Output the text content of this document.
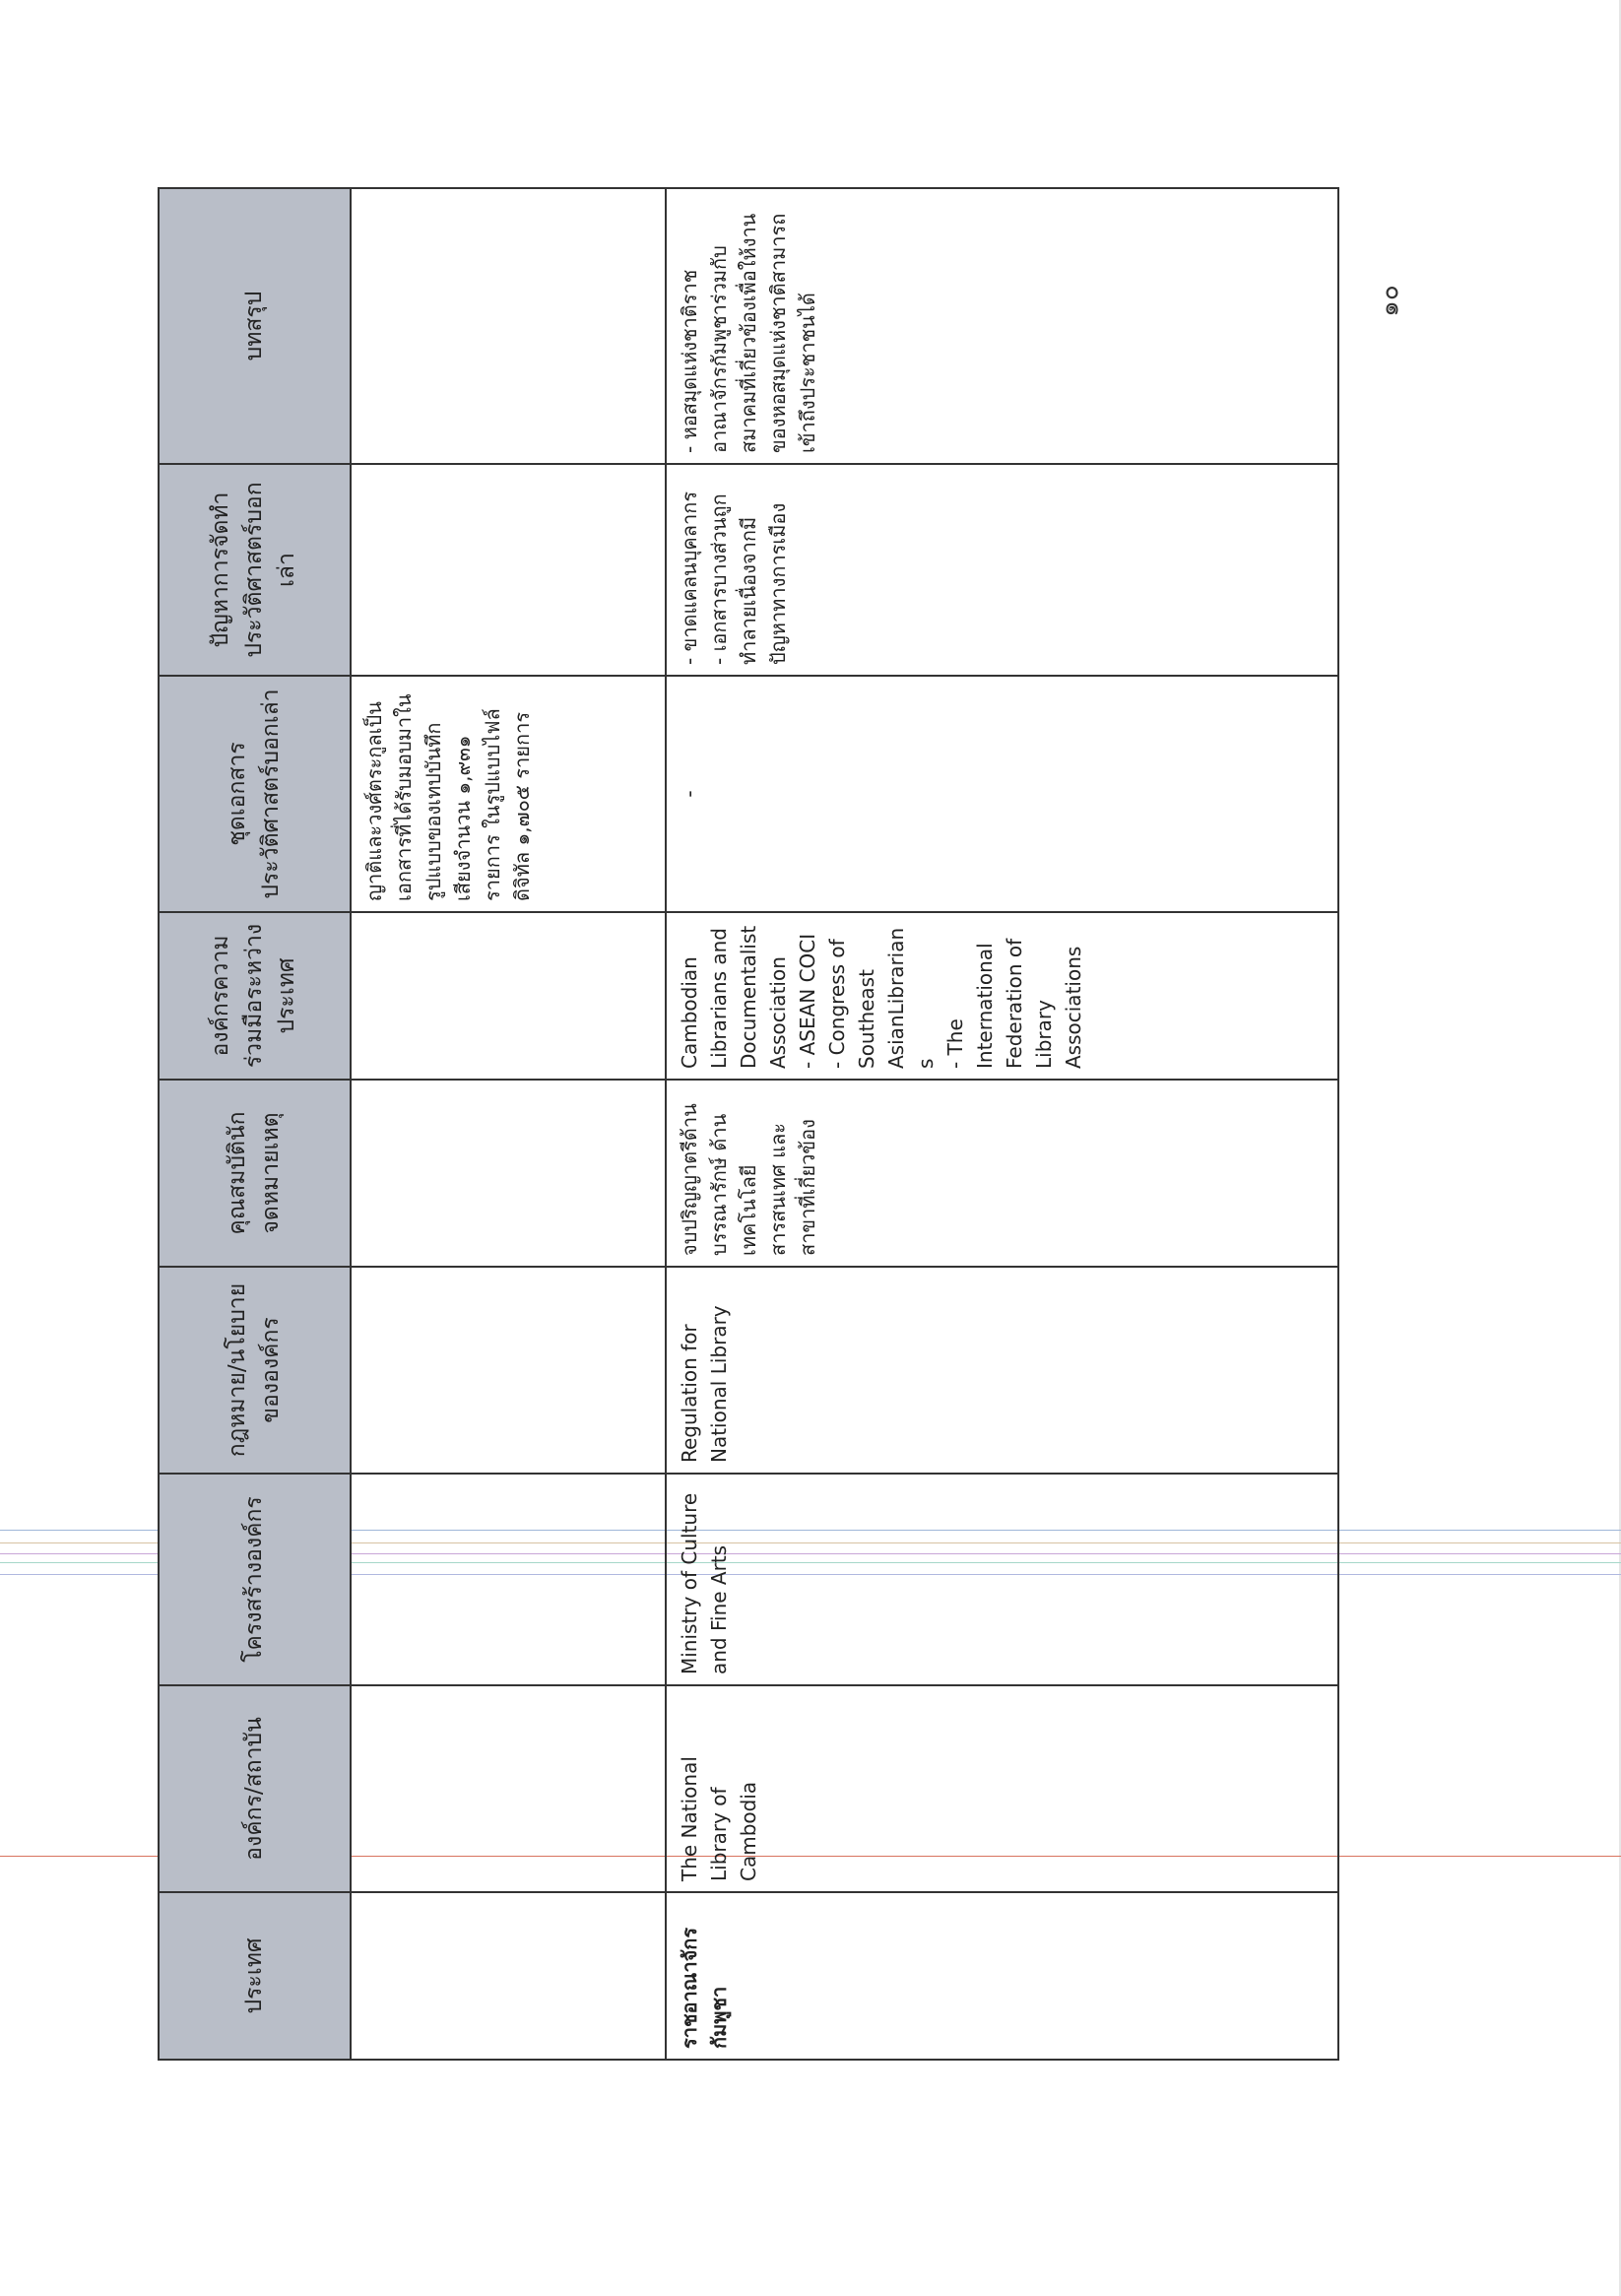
ประเทศ	องค์กร/สถาบัน	โครงสร้างองค์กร	กฎหมาย/นโยบายขององค์กร	คุณสมบัตินักจดหมายเหตุ	องค์กรความร่วมมือระหว่างประเทศ	ชุดเอกสารประวัติศาสตร์บอกเล่า	ปัญหาการจัดทำประวัติศาสตร์บอกเล่า	บทสรุป
						ญาติและวงศ์ตระกูลเป็นเอกสารที่ได้รับมอบมาในรูปแบบของเทปบันทึกเสียงจำนวน ๑,๙๓๑ รายการ ในรูปแบบไฟล์ดิจิทัล ๑,๗๐๕ รายการ		
ราชอาณาจักรกัมพูชา	The National Library of Cambodia	Ministry of Culture and Fine Arts	Regulation for National Library	จบปริญญาตรีด้านบรรณารักษ์ ด้านเทคโนโลยีสารสนเทศ และสาขาที่เกี่ยวข้อง	Cambodian Librarians and Documentalist Association
- ASEAN COCI
- Congress of Southeast AsianLibrarians
- The International Federation of Library Associations	-	- ขาดแคลนบุคลากร
- เอกสารบางส่วนถูกทำลายเนื่องจากมีปัญหาทางการเมือง	- หอสมุดแห่งชาติราชอาณาจักรกัมพูชาร่วมกับสมาคมที่เกี่ยวข้องเพื่อให้งานของหอสมุดแห่งชาติสามารถเข้าถึงประชาชนได้	๑๐
